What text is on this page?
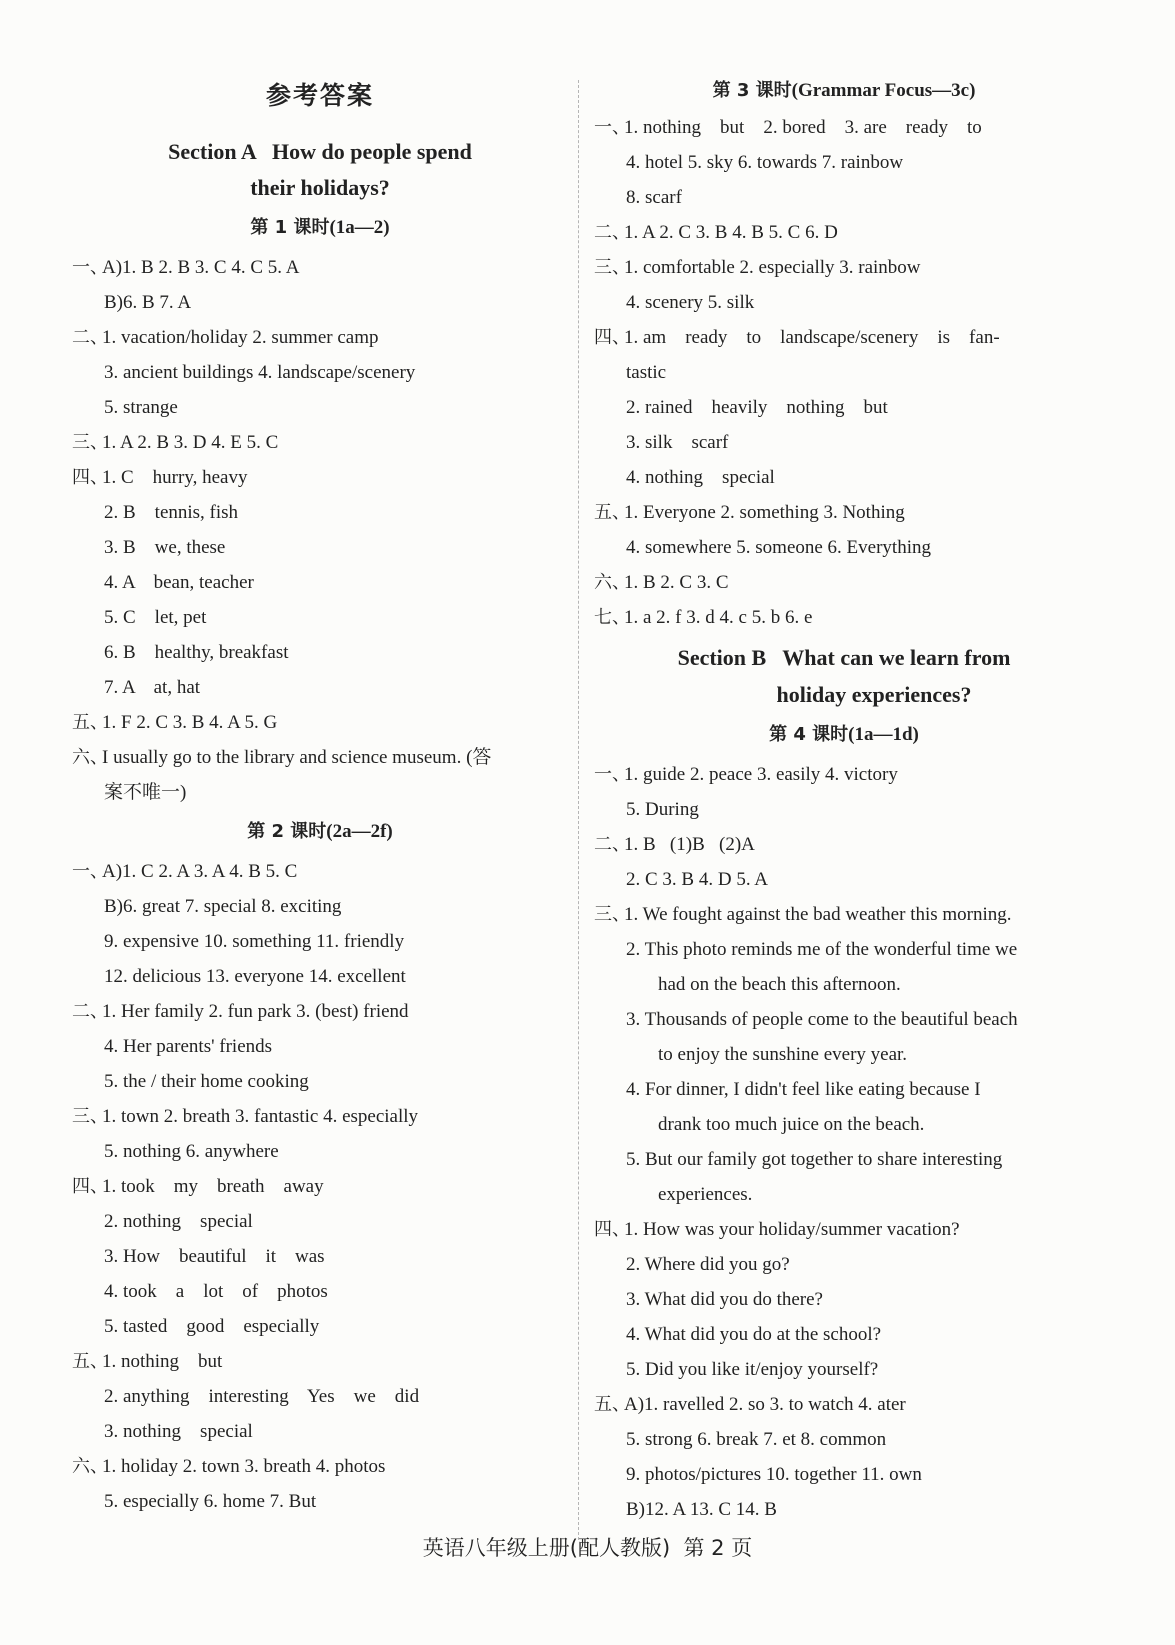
参考答案
Section A   How do people spend
their holidays?
第 1 课时(1a—2)
一、A)1. B 2. B 3. C 4. C 5. A
B)6. B 7. A
二、1. vacation/holiday 2. summer camp
3. ancient buildings 4. landscape/scenery
5. strange
三、1. A 2. B 3. D 4. E 5. C
四、1. C    hurry, heavy
2. B    tennis, fish
3. B    we, these
4. A    bean, teacher
5. C    let, pet
6. B    healthy, breakfast
7. A    at, hat
五、1. F 2. C 3. B 4. A 5. G
六、I usually go to the library and science museum. (答
案不唯一)
第 2 课时(2a—2f)
一、A)1. C 2. A 3. A 4. B 5. C
B)6. great 7. special 8. exciting
9. expensive 10. something 11. friendly
12. delicious 13. everyone 14. excellent
二、1. Her family 2. fun park 3. (best) friend
4. Her parents' friends
5. the / their home cooking
三、1. town 2. breath 3. fantastic 4. especially
5. nothing 6. anywhere
四、1. took    my    breath    away
2. nothing    special
3. How    beautiful    it    was
4. took    a    lot    of    photos
5. tasted    good    especially
五、1. nothing    but
2. anything    interesting    Yes    we    did
3. nothing    special
六、1. holiday 2. town 3. breath 4. photos
5. especially 6. home 7. But
第 3 课时(Grammar Focus—3c)
一、1. nothing    but    2. bored    3. are    ready    to
4. hotel 5. sky 6. towards 7. rainbow
8. scarf
二、1. A 2. C 3. B 4. B 5. C 6. D
三、1. comfortable 2. especially 3. rainbow
4. scenery 5. silk
四、1. am    ready    to    landscape/scenery    is    fan-
tastic
2. rained    heavily    nothing    but
3. silk    scarf
4. nothing    special
五、1. Everyone 2. something 3. Nothing
4. somewhere 5. someone 6. Everything
六、1. B 2. C 3. C
七、1. a 2. f 3. d 4. c 5. b 6. e
Section B   What can we learn from
holiday experiences?
第 4 课时(1a—1d)
一、1. guide 2. peace 3. easily 4. victory
5. During
二、1. B   (1)B   (2)A
2. C 3. B 4. D 5. A
三、1. We fought against the bad weather this morning.
2. This photo reminds me of the wonderful time we
had on the beach this afternoon.
3. Thousands of people come to the beautiful beach
to enjoy the sunshine every year.
4. For dinner, I didn't feel like eating because I
drank too much juice on the beach.
5. But our family got together to share interesting
experiences.
四、1. How was your holiday/summer vacation?
2. Where did you go?
3. What did you do there?
4. What did you do at the school?
5. Did you like it/enjoy yourself?
五、A)1. ravelled 2. so 3. to watch 4. ater
5. strong 6. break 7. et 8. common
9. photos/pictures 10. together 11. own
B)12. A 13. C 14. B
英语八年级上册(配人教版)  第 2 页
